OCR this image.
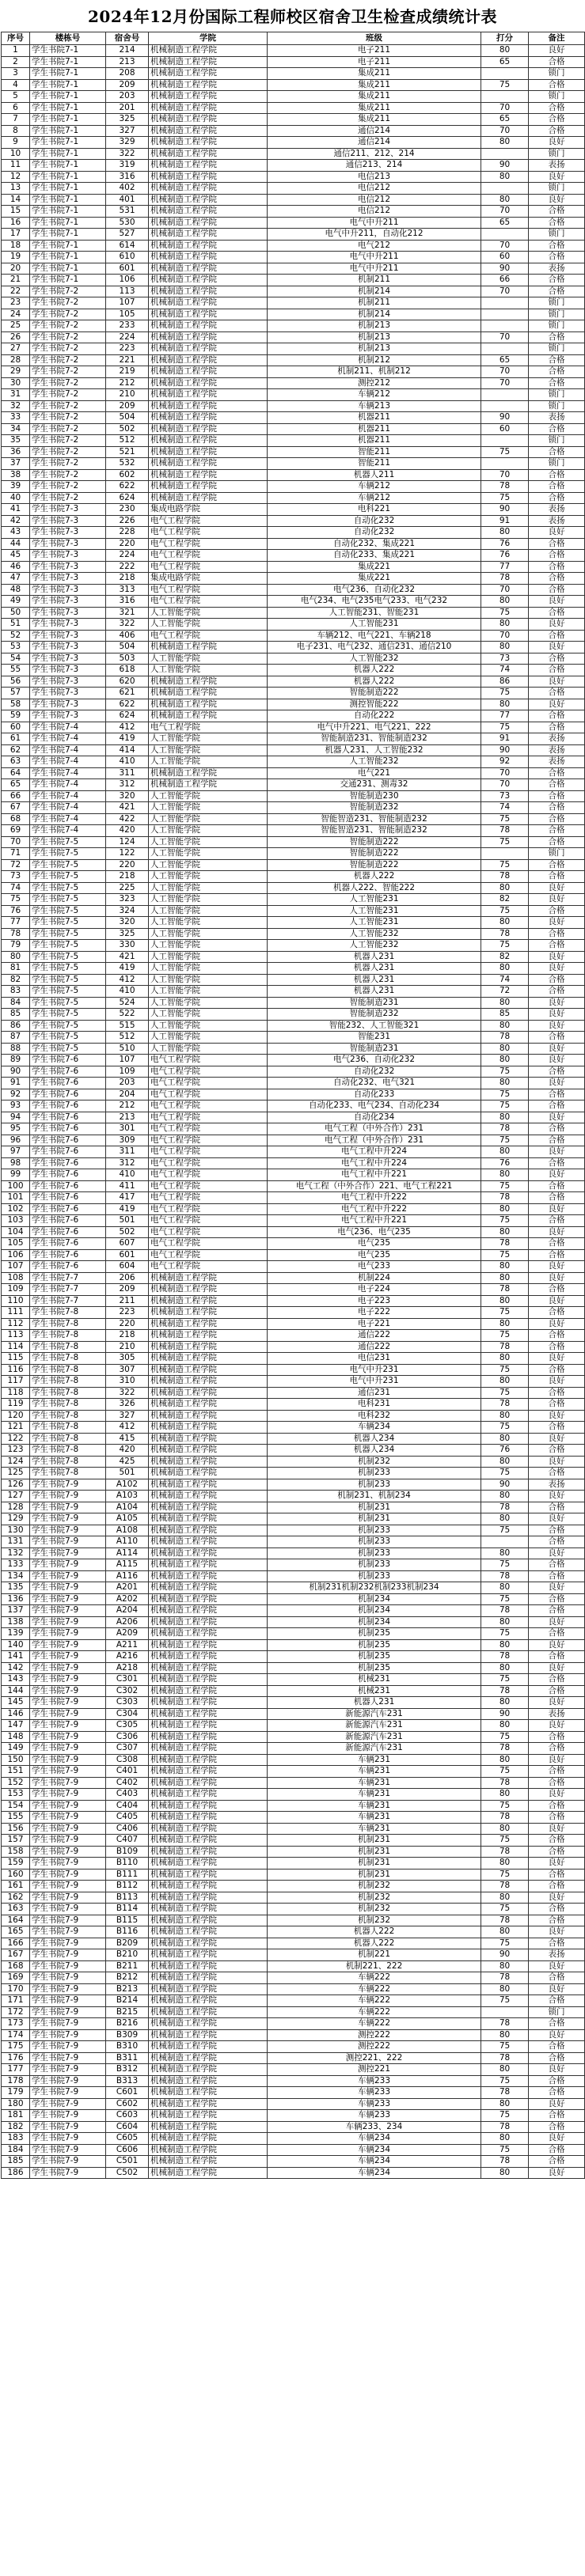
2024年12月份国际工程师校区宿舍卫生检查成绩统计表
序号	楼栋号	宿舍号	学院	班级	打分	备注
1	学生书院7-1	214	机械制造工程学院	电子211	80	良好
2	学生书院7-1	213	机械制造工程学院	电子211	65	合格
3	学生书院7-1	208	机械制造工程学院	集成211		锁门
4	学生书院7-1	209	机械制造工程学院	集成211	75	合格
5	学生书院7-1	203	机械制造工程学院	集成211		锁门
6	学生书院7-1	201	机械制造工程学院	集成211	70	合格
7	学生书院7-1	325	机械制造工程学院	集成211	65	合格
8	学生书院7-1	327	机械制造工程学院	通信214	70	合格
9	学生书院7-1	329	机械制造工程学院	通信214	80	良好
10	学生书院7-1	322	机械制造工程学院	通信211、212、214		锁门
11	学生书院7-1	319	机械制造工程学院	通信213、214	90	表扬
12	学生书院7-1	316	机械制造工程学院	电信213	80	良好
13	学生书院7-1	402	机械制造工程学院	电信212		锁门
14	学生书院7-1	401	机械制造工程学院	电信212	80	良好
15	学生书院7-1	531	机械制造工程学院	电信212	70	合格
16	学生书院7-1	530	机械制造工程学院	电气中升211	65	合格
17	学生书院7-1	527	机械制造工程学院	电气中升211，自动化212		锁门
18	学生书院7-1	614	机械制造工程学院	电气212	70	合格
19	学生书院7-1	610	机械制造工程学院	电气中升211	60	合格
20	学生书院7-1	601	机械制造工程学院	电气中升211	90	表扬
21	学生书院7-1	106	机械制造工程学院	机制211	66	合格
22	学生书院7-2	113	机械制造工程学院	机制214	70	合格
23	学生书院7-2	107	机械制造工程学院	机制211		锁门
24	学生书院7-2	105	机械制造工程学院	机制214		锁门
25	学生书院7-2	233	机械制造工程学院	机制213		锁门
26	学生书院7-2	224	机械制造工程学院	机制213	70	合格
27	学生书院7-2	223	机械制造工程学院	机制213		锁门
28	学生书院7-2	221	机械制造工程学院	机制212	65	合格
29	学生书院7-2	219	机械制造工程学院	机制211、机制212	70	合格
30	学生书院7-2	212	机械制造工程学院	测控212	70	合格
31	学生书院7-2	210	机械制造工程学院	车辆212		锁门
32	学生书院7-2	209	机械制造工程学院	车辆213		锁门
33	学生书院7-2	504	机械制造工程学院	机器211	90	表扬
34	学生书院7-2	502	机械制造工程学院	机器211	60	合格
35	学生书院7-2	512	机械制造工程学院	机器211		锁门
36	学生书院7-2	521	机械制造工程学院	智能211	75	合格
37	学生书院7-2	532	机械制造工程学院	智能211		锁门
38	学生书院7-2	602	机械制造工程学院	机器人211	70	合格
39	学生书院7-2	622	机械制造工程学院	车辆212	78	合格
40	学生书院7-2	624	机械制造工程学院	车辆212	75	合格
41	学生书院7-3	230	集成电路学院	电科221	90	表扬
42	学生书院7-3	226	电气工程学院	自动化232	91	表扬
43	学生书院7-3	228	电气工程学院	自动化232	80	良好
44	学生书院7-3	220	电气工程学院	自动化232、集成221	76	合格
45	学生书院7-3	224	电气工程学院	自动化233、集成221	76	合格
46	学生书院7-3	222	电气工程学院	集成221	77	合格
47	学生书院7-3	218	集成电路学院	集成221	78	合格
48	学生书院7-3	313	电气工程学院	电气236、自动化232	70	合格
49	学生书院7-3	316	电气工程学院	电气234、电气235电气233、电气232	80	良好
50	学生书院7-3	321	人工智能学院	人工智能231、智能231	75	合格
51	学生书院7-3	322	人工智能学院	人工智能231	80	良好
52	学生书院7-3	406	电气工程学院	车辆212、电气221、车辆218	70	合格
53	学生书院7-3	504	机械制造工程学院	电子231、电气232、通信231、通信210	80	良好
54	学生书院7-3	503	人工智能学院	人工智能232	73	合格
55	学生书院7-3	618	人工智能学院	机器人222	74	合格
56	学生书院7-3	620	机械制造工程学院	机器人222	86	良好
57	学生书院7-3	621	机械制造工程学院	智能制造222	75	合格
58	学生书院7-3	622	机械制造工程学院	测控智能222	80	良好
59	学生书院7-3	624	机械制造工程学院	自动化222	77	合格
60	学生书院7-4	412	电气工程学院	电气中升221、电气221、222	75	合格
61	学生书院7-4	419	人工智能学院	智能制造231、智能制造232	91	表扬
62	学生书院7-4	414	人工智能学院	机器人231、人工智能232	90	表扬
63	学生书院7-4	410	人工智能学院	人工智能232	92	表扬
64	学生书院7-4	311	机械制造工程学院	电气221	70	合格
65	学生书院7-4	312	机械制造工程学院	交通231、测毒32	70	合格
66	学生书院7-4	320	人工智能学院	智能制造230	73	合格
67	学生书院7-4	421	人工智能学院	智能制造232	74	合格
68	学生书院7-4	422	人工智能学院	智能智造231、智能制造232	75	合格
69	学生书院7-4	420	人工智能学院	智能智造231、智能制造232	78	合格
70	学生书院7-5	124	人工智能学院	智能制造222	75	合格
71	学生书院7-5	122	人工智能学院	智能制造222		锁门
72	学生书院7-5	220	人工智能学院	智能制造222	75	合格
73	学生书院7-5	218	人工智能学院	机器人222	78	合格
74	学生书院7-5	225	人工智能学院	机器人222、智能222	80	良好
75	学生书院7-5	323	人工智能学院	人工智能231	82	良好
76	学生书院7-5	324	人工智能学院	人工智能231	75	合格
77	学生书院7-5	320	人工智能学院	人工智能231	80	良好
78	学生书院7-5	325	人工智能学院	人工智能232	78	合格
79	学生书院7-5	330	人工智能学院	人工智能232	75	合格
80	学生书院7-5	421	人工智能学院	机器人231	82	良好
81	学生书院7-5	419	人工智能学院	机器人231	80	良好
82	学生书院7-5	412	人工智能学院	机器人231	74	合格
83	学生书院7-5	410	人工智能学院	机器人231	72	合格
84	学生书院7-5	524	人工智能学院	智能制造231	80	良好
85	学生书院7-5	522	人工智能学院	智能制造232	85	良好
86	学生书院7-5	515	人工智能学院	智能232、人工智能321	80	良好
87	学生书院7-5	512	人工智能学院	智能231	78	合格
88	学生书院7-5	510	人工智能学院	智能制造231	80	良好
89	学生书院7-6	107	电气工程学院	电气236、自动化232	80	良好
90	学生书院7-6	109	电气工程学院	自动化232	75	合格
91	学生书院7-6	203	电气工程学院	自动化232、电气321	80	良好
92	学生书院7-6	204	电气工程学院	自动化233	75	合格
93	学生书院7-6	212	电气工程学院	自动化233、电气234、自动化234	75	合格
94	学生书院7-6	213	电气工程学院	自动化234	80	良好
95	学生书院7-6	301	电气工程学院	电气工程（中外合作）231	78	合格
96	学生书院7-6	309	电气工程学院	电气工程（中外合作）231	75	合格
97	学生书院7-6	311	电气工程学院	电气工程中升224	80	良好
98	学生书院7-6	312	电气工程学院	电气工程中升224	76	合格
99	学生书院7-6	410	电气工程学院	电气工程中升221	80	良好
100	学生书院7-6	411	电气工程学院	电气工程（中外合作）221、电气工程221	75	合格
101	学生书院7-6	417	电气工程学院	电气工程中升222	78	合格
102	学生书院7-6	419	电气工程学院	电气工程中升222	80	良好
103	学生书院7-6	501	电气工程学院	电气工程中升221	75	合格
104	学生书院7-6	502	电气工程学院	电气236、电气235	80	良好
105	学生书院7-6	607	电气工程学院	电气235	78	合格
106	学生书院7-6	601	电气工程学院	电气235	75	合格
107	学生书院7-6	604	电气工程学院	电气233	80	良好
108	学生书院7-7	206	机械制造工程学院	机制224	80	良好
109	学生书院7-7	209	机械制造工程学院	电子224	78	合格
110	学生书院7-7	211	机械制造工程学院	电子223	80	良好
111	学生书院7-8	223	机械制造工程学院	电子222	75	合格
112	学生书院7-8	220	机械制造工程学院	电子221	80	良好
113	学生书院7-8	218	机械制造工程学院	通信222	75	合格
114	学生书院7-8	210	机械制造工程学院	通信222	78	合格
115	学生书院7-8	305	机械制造工程学院	电信231	80	良好
116	学生书院7-8	307	机械制造工程学院	电气中升231	75	合格
117	学生书院7-8	310	机械制造工程学院	电气中升231	80	良好
118	学生书院7-8	322	机械制造工程学院	通信231	75	合格
119	学生书院7-8	326	机械制造工程学院	电科231	78	合格
120	学生书院7-8	327	机械制造工程学院	电科232	80	良好
121	学生书院7-8	412	机械制造工程学院	车辆234	75	合格
122	学生书院7-8	415	机械制造工程学院	机器人234	80	良好
123	学生书院7-8	420	机械制造工程学院	机器人234	76	合格
124	学生书院7-8	425	机械制造工程学院	机制232	80	良好
125	学生书院7-8	501	机械制造工程学院	机制233	75	合格
126	学生书院7-9	A102	机械制造工程学院	机制233	90	表扬
127	学生书院7-9	A103	机械制造工程学院	机制231、机制234	80	良好
128	学生书院7-9	A104	机械制造工程学院	机制231	78	合格
129	学生书院7-9	A105	机械制造工程学院	机制231	80	良好
130	学生书院7-9	A108	机械制造工程学院	机制233	75	合格
131	学生书院7-9	A110	机械制造工程学院	机制233		合格
132	学生书院7-9	A114	机械制造工程学院	机制233	80	良好
133	学生书院7-9	A115	机械制造工程学院	机制233	75	合格
134	学生书院7-9	A116	机械制造工程学院	机制233	78	合格
135	学生书院7-9	A201	机械制造工程学院	机制231机制232机制233机制234	80	良好
136	学生书院7-9	A202	机械制造工程学院	机制234	75	合格
137	学生书院7-9	A204	机械制造工程学院	机制234	78	合格
138	学生书院7-9	A206	机械制造工程学院	机制234	80	良好
139	学生书院7-9	A209	机械制造工程学院	机制235	75	合格
140	学生书院7-9	A211	机械制造工程学院	机制235	80	良好
141	学生书院7-9	A216	机械制造工程学院	机制235	78	合格
142	学生书院7-9	A218	机械制造工程学院	机制235	80	良好
143	学生书院7-9	C301	机械制造工程学院	机械231	75	合格
144	学生书院7-9	C302	机械制造工程学院	机械231	78	合格
145	学生书院7-9	C303	机械制造工程学院	机器人231	80	良好
146	学生书院7-9	C304	机械制造工程学院	新能源汽车231	90	表扬
147	学生书院7-9	C305	机械制造工程学院	新能源汽车231	80	良好
148	学生书院7-9	C306	机械制造工程学院	新能源汽车231	75	合格
149	学生书院7-9	C307	机械制造工程学院	新能源汽车231	78	合格
150	学生书院7-9	C308	机械制造工程学院	车辆231	80	良好
151	学生书院7-9	C401	机械制造工程学院	车辆231	75	合格
152	学生书院7-9	C402	机械制造工程学院	车辆231	78	合格
153	学生书院7-9	C403	机械制造工程学院	车辆231	80	良好
154	学生书院7-9	C404	机械制造工程学院	车辆231	75	合格
155	学生书院7-9	C405	机械制造工程学院	车辆231	78	合格
156	学生书院7-9	C406	机械制造工程学院	车辆231	80	良好
157	学生书院7-9	C407	机械制造工程学院	机制231	75	合格
158	学生书院7-9	B109	机械制造工程学院	机制231	78	合格
159	学生书院7-9	B110	机械制造工程学院	机制231	80	良好
160	学生书院7-9	B111	机械制造工程学院	机制231	75	合格
161	学生书院7-9	B112	机械制造工程学院	机制232	78	合格
162	学生书院7-9	B113	机械制造工程学院	机制232	80	良好
163	学生书院7-9	B114	机械制造工程学院	机制232	75	合格
164	学生书院7-9	B115	机械制造工程学院	机制232	78	合格
165	学生书院7-9	B116	机械制造工程学院	机器人222	80	良好
166	学生书院7-9	B209	机械制造工程学院	机器人222	75	合格
167	学生书院7-9	B210	机械制造工程学院	机制221	90	表扬
168	学生书院7-9	B211	机械制造工程学院	机制221、222	80	良好
169	学生书院7-9	B212	机械制造工程学院	车辆222	78	合格
170	学生书院7-9	B213	机械制造工程学院	车辆222	80	良好
171	学生书院7-9	B214	机械制造工程学院	车辆222	75	合格
172	学生书院7-9	B215	机械制造工程学院	车辆222		锁门
173	学生书院7-9	B216	机械制造工程学院	车辆222	78	合格
174	学生书院7-9	B309	机械制造工程学院	测控222	80	良好
175	学生书院7-9	B310	机械制造工程学院	测控222	75	合格
176	学生书院7-9	B311	机械制造工程学院	测控221、222	78	合格
177	学生书院7-9	B312	机械制造工程学院	测控221	80	良好
178	学生书院7-9	B313	机械制造工程学院	车辆233	75	合格
179	学生书院7-9	C601	机械制造工程学院	车辆233	78	合格
180	学生书院7-9	C602	机械制造工程学院	车辆233	80	良好
181	学生书院7-9	C603	机械制造工程学院	车辆233	75	合格
182	学生书院7-9	C604	机械制造工程学院	车辆233、234	78	合格
183	学生书院7-9	C605	机械制造工程学院	车辆234	80	良好
184	学生书院7-9	C606	机械制造工程学院	车辆234	75	合格
185	学生书院7-9	C501	机械制造工程学院	车辆234	78	合格
186	学生书院7-9	C502	机械制造工程学院	车辆234	80	良好
